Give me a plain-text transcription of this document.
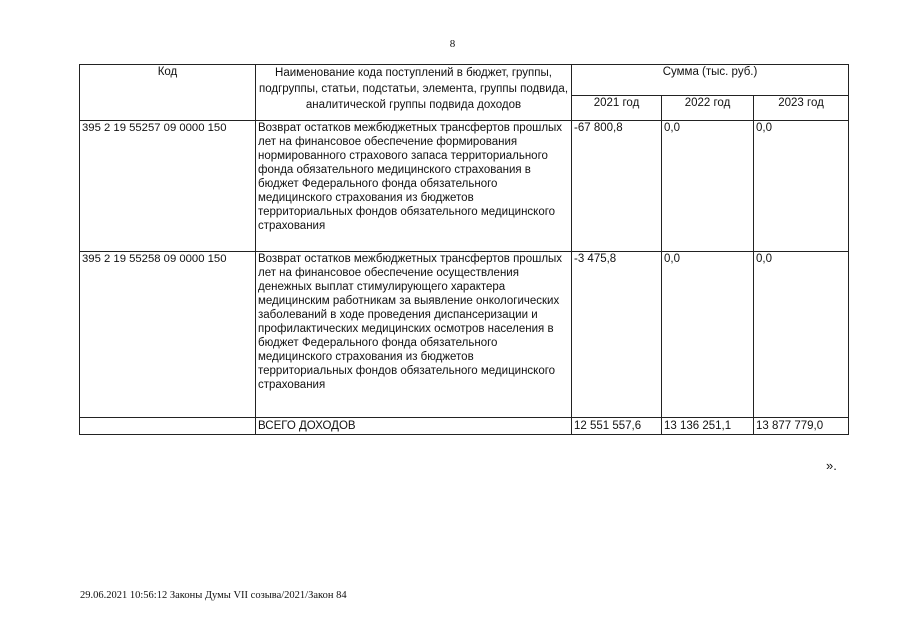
8
Код	Наименование кода поступлений в бюджет, группы, подгруппы, статьи, подстатьи, элемента, группы подвида, аналитической группы подвида доходов	Сумма (тыс. руб.)		
		2021 год	2022 год	2023 год
395 2 19 55257 09 0000 150	Возврат остатков межбюджетных трансфертов прошлых лет на финансовое обеспечение формирования нормированного страхового запаса территориального фонда обязательного медицинского страхования в бюджет Федерального фонда обязательного медицинского страхования из бюджетов территориальных фондов обязательного медицинского страхования	-67 800,8	0,0	0,0
395 2 19 55258 09 0000 150	Возврат остатков межбюджетных трансфертов прошлых лет на финансовое обеспечение осуществления денежных выплат стимулирующего характера медицинским работникам за выявление онкологических заболеваний в ходе проведения диспансеризации и профилактических медицинских осмотров населения в бюджет Федерального фонда обязательного медицинского страхования из бюджетов территориальных фондов обязательного медицинского страхования	-3 475,8	0,0	0,0
	ВСЕГО ДОХОДОВ	12 551 557,6	13 136 251,1	13 877 779,0
».
29.06.2021 10:56:12 Законы Думы VII созыва/2021/Закон 84
